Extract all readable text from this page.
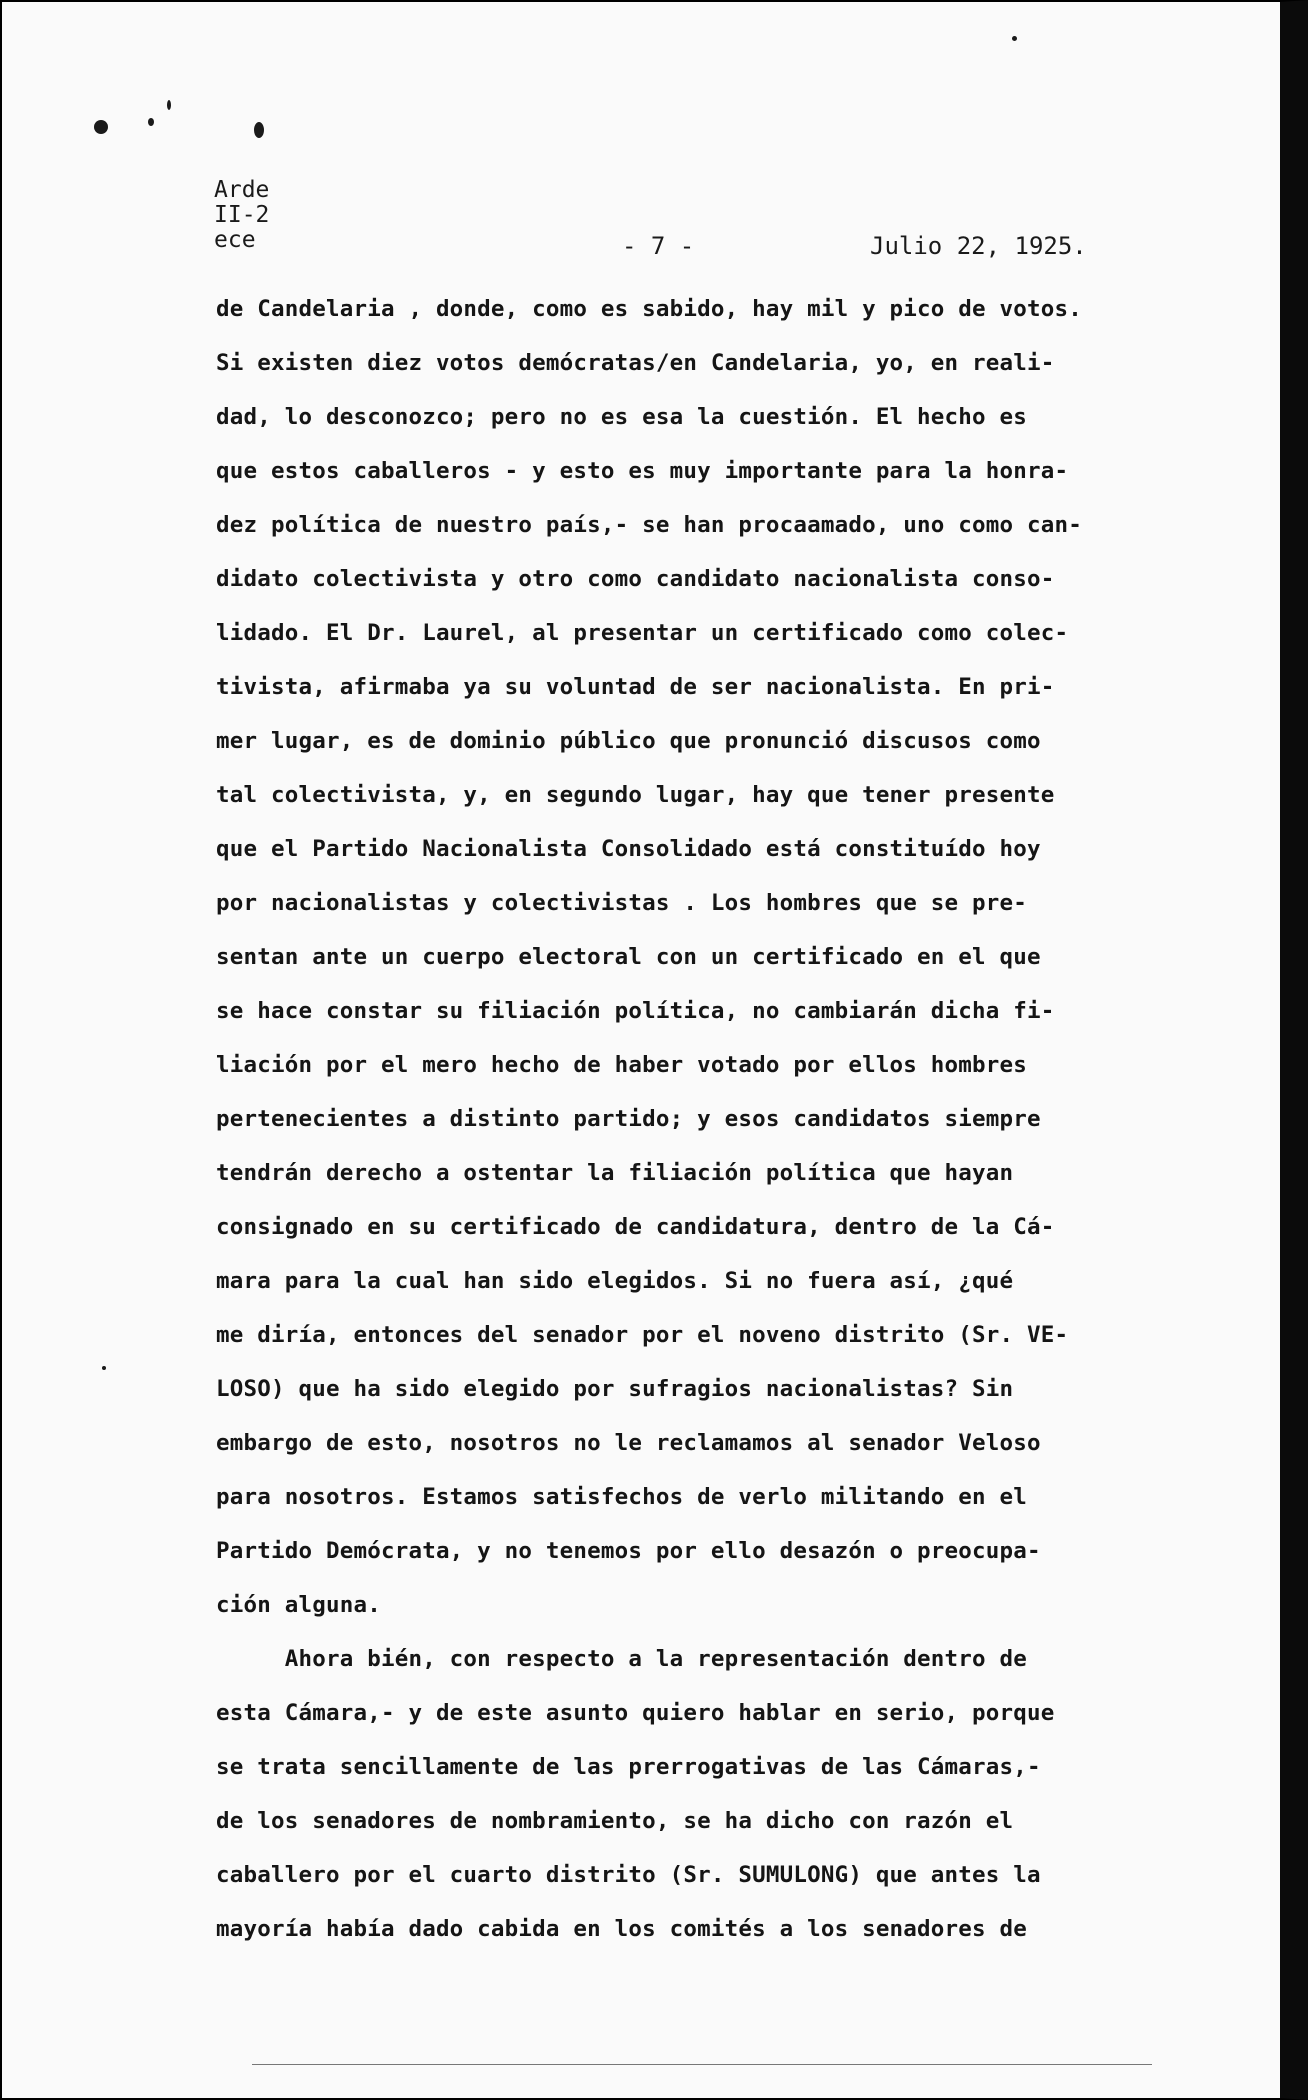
Arde
II-2
ece	- 7 -	Julio 22, 1925.
de Candelaria , donde, como es sabido, hay mil y pico de votos.
Si existen diez votos demócratas/en Candelaria, yo, en reali-
dad, lo desconozco; pero no es esa la cuestión. El hecho es
que estos caballeros - y esto es muy importante para la honra-
dez política de nuestro país,- se han procaamado, uno como can-
didato colectivista y otro como candidato nacionalista conso-
lidado. El Dr. Laurel, al presentar un certificado como colec-
tivista, afirmaba ya su voluntad de ser nacionalista. En pri-
mer lugar, es de dominio público que pronunció discusos como
tal colectivista, y, en segundo lugar, hay que tener presente
que el Partido Nacionalista Consolidado está constituído hoy
por nacionalistas y colectivistas . Los hombres que se pre-
sentan ante un cuerpo electoral con un certificado en el que
se hace constar su filiación política, no cambiarán dicha fi-
liación por el mero hecho de haber votado por ellos hombres
pertenecientes a distinto partido; y esos candidatos siempre
tendrán derecho a ostentar la filiación política que hayan
consignado en su certificado de candidatura, dentro de la Cá-
mara para la cual han sido elegidos. Si no fuera así, ¿qué
me diría, entonces del senador por el noveno distrito (Sr. VE-
LOSO) que ha sido elegido por sufragios nacionalistas? Sin
embargo de esto, nosotros no le reclamamos al senador Veloso
para nosotros. Estamos satisfechos de verlo militando en el
Partido Demócrata, y no tenemos por ello desazón o preocupa-
ción alguna.
Ahora bién, con respecto a la representación dentro de
esta Cámara,- y de este asunto quiero hablar en serio, porque
se trata sencillamente de las prerrogativas de las Cámaras,-
de los senadores de nombramiento, se ha dicho con razón el
caballero por el cuarto distrito (Sr. SUMULONG) que antes la
mayoría había dado cabida en los comités a los senadores de
